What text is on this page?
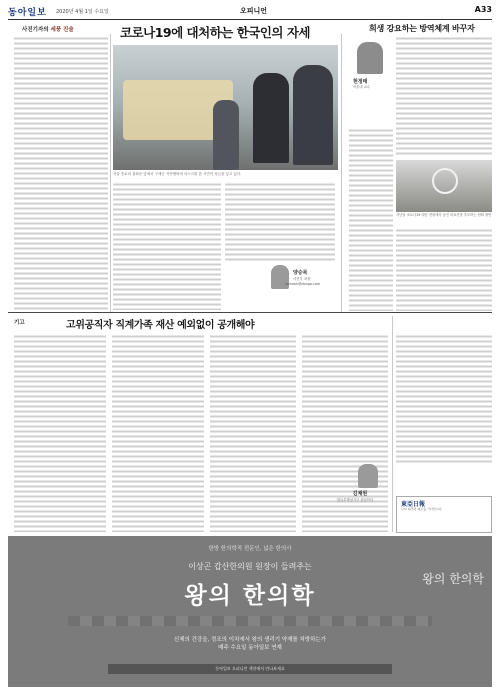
동아일보 2020년 4월 1일 수요일	오피니언	A33
사진기자의 세풍 진술	코로나19에 대처하는 한국인의 자세
서울 종로의 광화문 앞에서 구세군 자선냄비에 마스크를 쓴 시민이 성금을 넣고 있다.
양승묵
사진부 차장
ssmook@donga.com
희생 강요하는 방역체계 바꾸자
현정태
서울대 교수
지난달 코로나19 대응 현장에서 숨진 의료진을 추모하는 헌화 장면
기고	고위공직자 직계가족 재산 예외없이 공개해야
김채원
한국투명성기구 상임이사
東亞日報
독자 의견과 제보를 기다립니다.
한방 한의학적 전문인, 넓은 한의사
이상곤 갑산한의원 원장이 들려주는
왕의 한의학
왕의 한의학
신체의 건강을, 정조의 이치에서 왕의 생리기 약재를 처방하는가
매주 수요일 동아일보 연재
동아일보 오피니언 섹션에서 만나보세요
